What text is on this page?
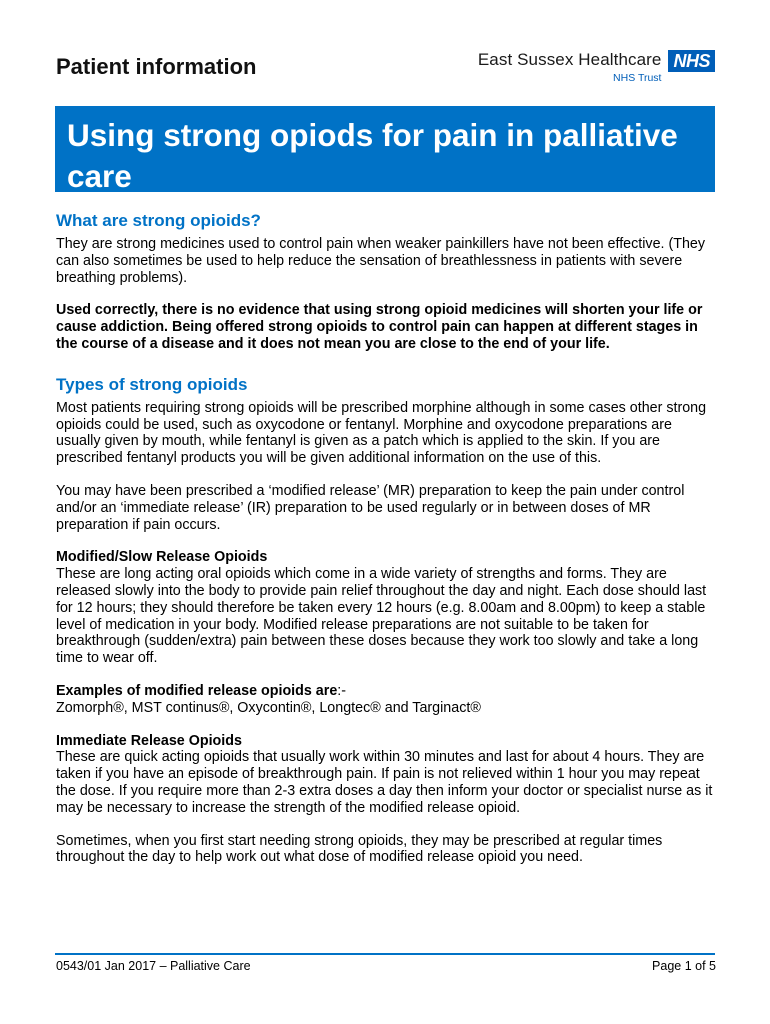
Patient information	East Sussex Healthcare
NHS Trust
NHS
Using strong opiods for pain in palliative care
What are strong opioids?

They are strong medicines used to control pain when weaker painkillers have not been effective. (They can also sometimes be used to help reduce the sensation of breathlessness in patients with severe breathing problems).

Used correctly, there is no evidence that using strong opioid medicines will shorten your life or cause addiction. Being offered strong opioids to control pain can happen at different stages in the course of a disease and it does not mean you are close to the end of your life.

Types of strong opioids

Most patients requiring strong opioids will be prescribed morphine although in some cases other strong opioids could be used, such as oxycodone or fentanyl. Morphine and oxycodone preparations are usually given by mouth, while fentanyl is given as a patch which is applied to the skin. If you are prescribed fentanyl products you will be given additional information on the use of this.

You may have been prescribed a ‘modified release’ (MR) preparation to keep the pain under control and/or an ‘immediate release’ (IR) preparation to be used regularly or in between doses of MR preparation if pain occurs.

Modified/Slow Release Opioids

These are long acting oral opioids which come in a wide variety of strengths and forms. They are released slowly into the body to provide pain relief throughout the day and night. Each dose should last for 12 hours; they should therefore be taken every 12 hours (e.g. 8.00am and 8.00pm) to keep a stable level of medication in your body. Modified release preparations are not suitable to be taken for breakthrough (sudden/extra) pain between these doses because they work too slowly and take a long time to wear off.

Examples of modified release opioids are:-
Zomorph®, MST continus®, Oxycontin®, Longtec® and Targinact®

Immediate Release Opioids

These are quick acting opioids that usually work within 30 minutes and last for about 4 hours. They are taken if you have an episode of breakthrough pain. If pain is not relieved within 1 hour you may repeat the dose. If you require more than 2-3 extra doses a day then inform your doctor or specialist nurse as it may be necessary to increase the strength of the modified release opioid.

Sometimes, when you first start needing strong opioids, they may be prescribed at regular times throughout the day to help work out what dose of modified release opioid you need.

0543/01 Jan 2017 – Palliative Care	Page 1 of 5
